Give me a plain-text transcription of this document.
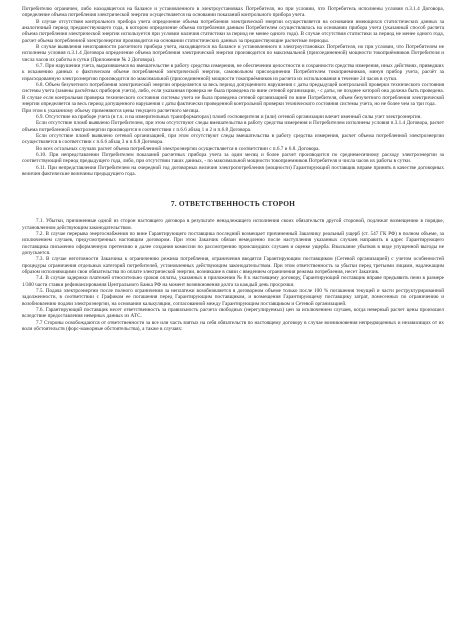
Потребителю ограничен, либо находящегося на балансе и установленного в электроустановках Потребителя, но при условии, что Потребитель исполнены условия п.3.1.4 Договора, определение объема потребления электрической энергии осуществляется на основании показаний контрольного прибора учета.

В случае отсутствия контрольного прибора учета определение объема потребления электрической энергии осуществляется на основании имеющихся статистических данных за аналогичный период предшествующего года, в котором определение объема потребления данным Потребителем осуществлялось на основании прибора учета (указанный способ расчета объема потребления электрической энергии используется при условии наличия статистики за период не менее одного года). В случае отсутствия статистики за период не менее одного года, расчет объема потребленной электроэнергии производится на основании статистических данных за предшествующие расчетные периоды.

В случае выявления неисправности расчетного прибора учета, находящегося на балансе и установленного в электроустановках Потребителя, но при условии, что Потребителем не исполнены условия п.3.1.4 Договора определение объема потребления электрической энергии производится по максимальной (присоединенной) мощности токоприёмников Потребителя и числа часов их работы в сутки (Приложение № 2 Договора).

6.7. При нарушении учета, выразившемся во вмешательстве в работу средства измерения, не обеспечении целостности и сохранности средства измерения, иных действиях, приведших к искажению данных о фактическом объеме потребляемой электрической энергии, самовольном присоединении Потребителем токоприемников, минуя прибор учета, расчёт за израсходованную электроэнергию производится по максимальной (присоединенной) мощности токоприёмников из расчета их использования в течение 24 часов в сутки.

6.8. Объем безучетного потребления электрической энергии определяется за весь период допущенного нарушения с даты предыдущей контрольной проверки технического состояния системы учета (замены расчётных приборов учета), либо, если указанная проверка не была проведена по вине сетевой организации, - с даты, не позднее которой она должна быть проведена. В случае если контрольная проверка технического состояния системы учета не была проведена сетевой организацией по вине Потребителя, объем безучетного потребления электрической энергии определяется за весь период допущенного нарушения с даты фактически проведенной контрольной проверки технического состояния системы учета, но не более чем за три года.

При этом к указанному объему применяются цены текущего расчетного месяца.

6.9. Отсутствие на приборе учета (в т.ч. и на измерительных трансформаторах) пломб госповерителя и (или) сетевой организации влечет именный силы учет электроэнергии.

Если отсутствие пломб выявлено Потребителем, при этом отсутствуют следы вмешательства в работу средства измерения и Потребителем исполнены условия п.3.1.4 Договора, расчет объема потребленной электроэнергии производится в соответствии с п.6.6 абзац 1 и 2 и п.6.8 Договора.

Если отсутствие пломб выявлено сетевой организацией, при этом отсутствуют следы вмешательства в работу средства измерения, расчет объема потребленной электроэнергии осуществляется в соответствии с п.6.6 абзац 3 и п.6.8 Договора.

Во всех остальных случаях расчет объема потребленной электроэнергии осуществляется в соответствии с п.6.7 и 6.8. Договора.

6.10. При непредставлении Потребителем показаний расчетных прибора учета за один месяц и более расчет производится по среднемесячному расходу электроэнергии за соответствующий период предыдущего года, либо, при отсутствии таких данных, - по максимальной мощности токоприемников Потребителя и числа часов их работы в сутки.

6.11. При непредставлении Потребителем на очередной год договорных величин электропотребления (мощности) Гарантирующий поставщик вправе принять в качестве договорных величин фактические величины предыдущего года.

7. ОТВЕТСТВЕННОСТЬ СТОРОН

7.1. Убытки, причиненные одной из сторон настоящего договора в результате ненадлежащего исполнения своих обязательств другой стороной, подлежат возмещению в порядке, установленном действующим законодательством.

7.2. В случае перерыва энергоснабжения по вине Гарантирующего поставщика последний возмещает причиненный Заказчику реальный ущерб (ст. 547 ГК РФ) в полном объеме, за исключением случаев, предусмотренных настоящим договором. При этом Заказчик обязан немедленно после наступления указанных случаев направить в адрес Гарантирующего поставщика письменно оформленную претензию и далее создания комиссии по рассмотрению происшедших случаев и оценке ущерба. Взыскание убытков в виде упущенной выгоды не допускается.

7.3. В случае неготовности Заказчика к ограничению режима потребления, ограничения вводятся Гарантирующим поставщиком (Сетевой организацией) с учетом особенностей процедуры ограничения отдельных категорий потребителей, установленных действующим законодательством. При этом ответственность за убытки перед третьими лицами, надлежащим образом исполняющими свои обязательства по оплате электрической энергии, возникшие в связи с введением ограничения режима потребления, несет Заказчик.

7.4. В случае задержки платежей относительно сроков оплаты, указанных в приложении № 8 к настоящему договору, Гарантирующий поставщик вправе предъявить пени в размере 1/300 части ставки рефинансирования Центрального Банка РФ на момент возникновения долга за каждый день просрочки.

7.5. Подача электроэнергии после полного ограничения за неплатежи возобновляется в договорном объеме только после 100 % погашения текущей и части реструктурированной задолженности, в соответствии с Графиком ее погашения перед Гарантирующим поставщиком, и возмещения Гарантирующему поставщику затрат, понесенных по ограничению и возобновлению подачи электроэнергии, на основании калькуляции, согласованной между Гарантирующим поставщиком и Сетевой организацией.

7.6. Гарантирующий поставщик несет ответственность за правильность расчета свободных (нерегулируемых) цен за исключением случаев, когда неверный расчет цены произошел вследствие предоставления неверных данных из АТС.

7.7 Стороны освобождаются от ответственности за все или часть взятых на себя обязательств по настоящему договору в случае возникновения непредвиденных и независящих от их воли обстоятельств (форс-мажорные обстоятельства), а также в случаях:
